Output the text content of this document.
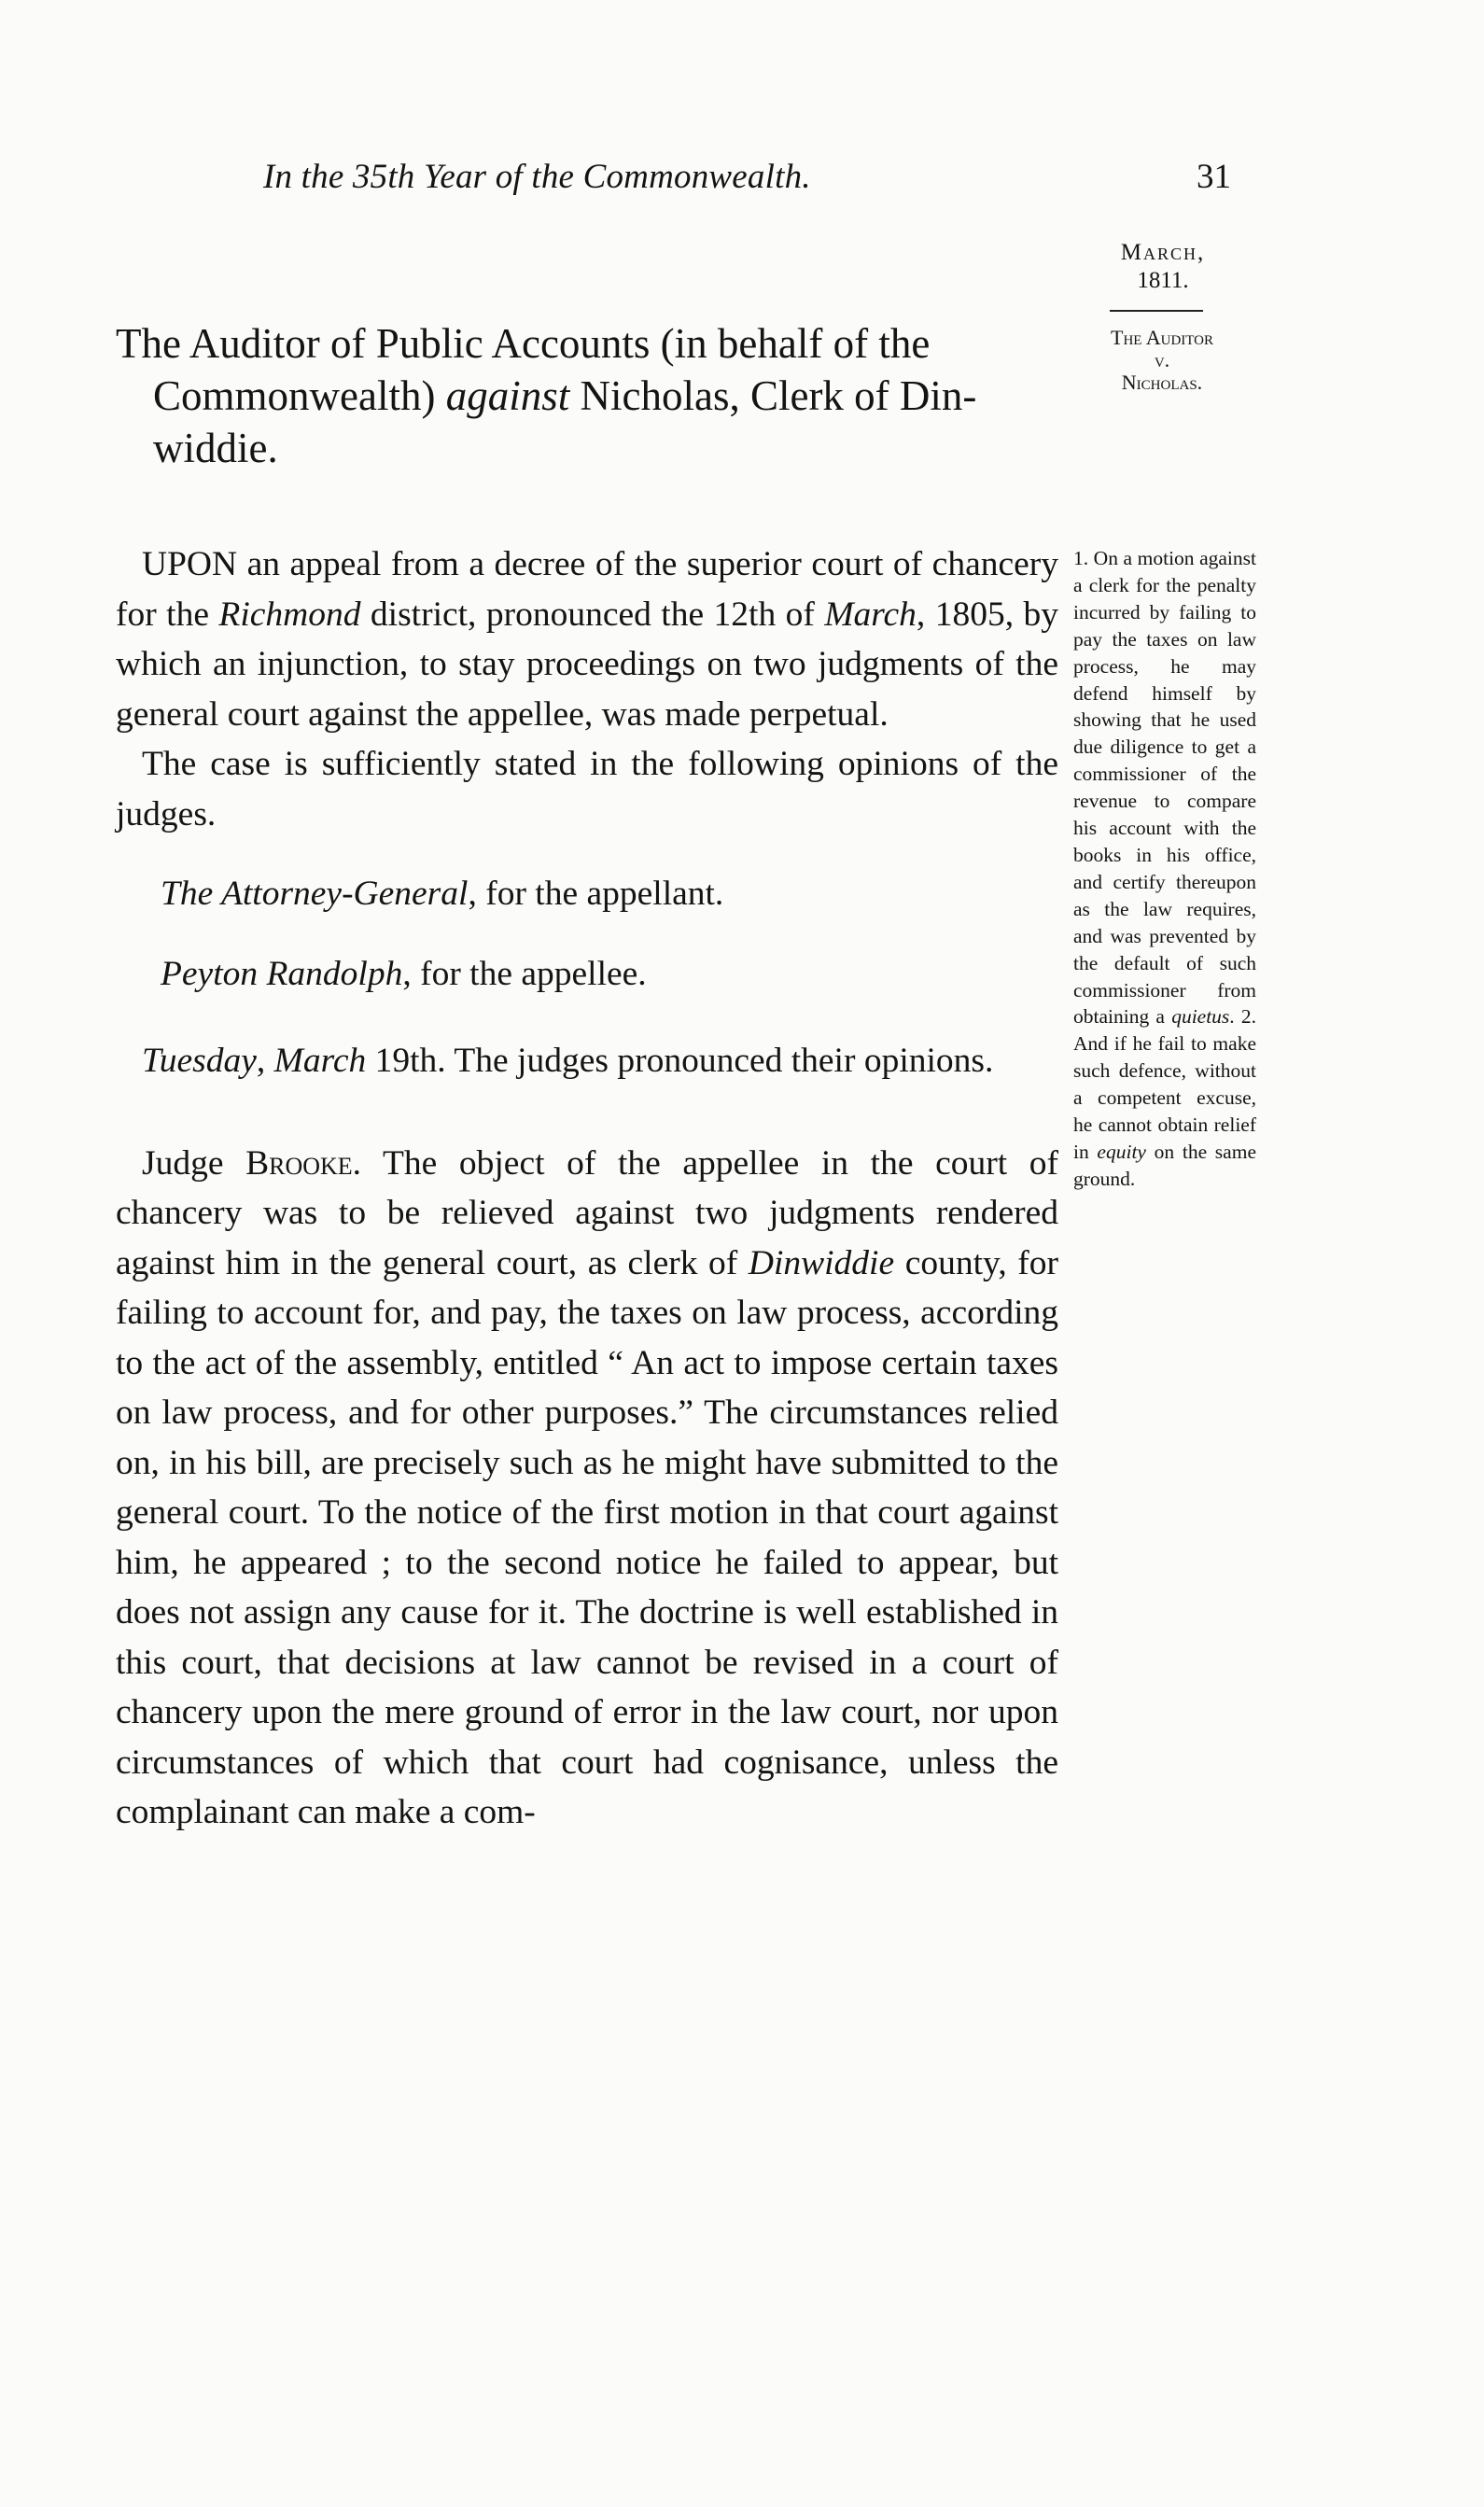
In the 35th Year of the Commonwealth.	31
March,
1811.
The Auditor of Public Accounts (in behalf of the
Commonwealth) against Nicholas, Clerk of Din-
widdie.
The Auditor
v.
Nicholas.

UPON an appeal from a decree of the superior court of chancery for the Richmond district, pronounced the 12th of March, 1805, by which an injunction, to stay proceedings on two judgments of the general court against the appellee, was made perpetual.

The case is sufficiently stated in the following opinions of the judges.

The Attorney-General, for the appellant.

Peyton Randolph, for the appellee.

Tuesday, March 19th. The judges pronounced their opinions.

Judge Brooke. The object of the appellee in the court of chancery was to be relieved against two judgments rendered against him in the general court, as clerk of Dinwiddie county, for failing to account for, and pay, the taxes on law process, according to the act of the assembly, entitled “ An act to impose certain taxes on law process, and for other purposes.” The circumstances relied on, in his bill, are precisely such as he might have submitted to the general court. To the notice of the first motion in that court against him, he appeared ; to the second notice he failed to appear, but does not assign any cause for it. The doctrine is well established in this court, that decisions at law cannot be revised in a court of chancery upon the mere ground of error in the law court, nor upon circumstances of which that court had cognisance, unless the complainant can make a com-

1. On a motion against a clerk for the penalty incurred by failing to pay the taxes on law process, he may defend himself by showing that he used due diligence to get a commissioner of the revenue to compare his account with the books in his office, and certify thereupon as the law requires, and was prevented by the default of such commissioner from obtaining a quietus. 2. And if he fail to make such defence, without a competent excuse, he cannot obtain relief in equity on the same ground.
